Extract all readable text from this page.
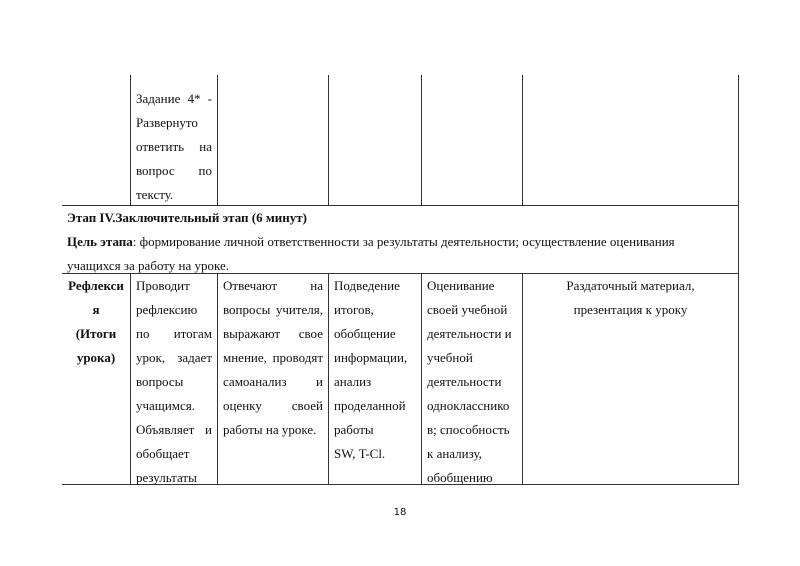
Задание 4* -
Развернуто
ответить на
вопрос по
тексту.
Этап IV.Заключительный этап (6 минут)
Цель этапа: формирование личной ответственности за результаты деятельности; осуществление оценивания
учащихся за работу на уроке.
Рефлекси
я
(Итоги
урока)
Проводит
рефлексию
по итогам
урок, задает
вопросы
учащимся.
Объявляет и
обобщает
результаты
Отвечают на
вопросы учителя,
выражают свое
мнение, проводят
самоанализ и
оценку своей
работы на уроке.
Подведение
итогов,
обобщение
информации,
анализ
проделанной
работы
SW, T-Cl.
Оценивание
своей учебной
деятельности и
учебной
деятельности
однокласснико
в; способность
к анализу,
обобщению
Раздаточный материал,
презентация к уроку
18
